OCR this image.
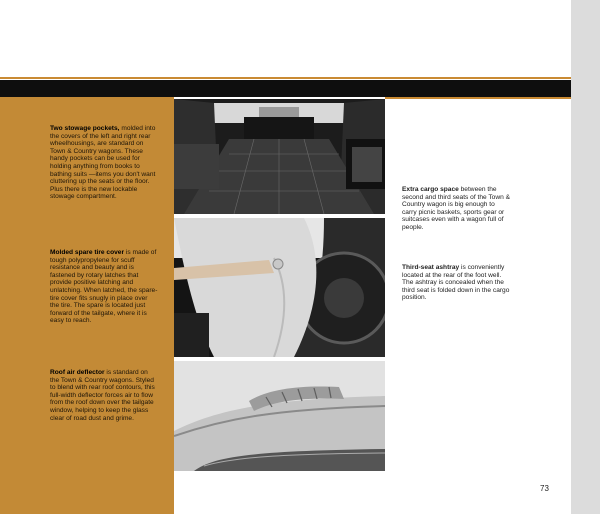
Two stowage pockets, molded into the covers of the left and right rear wheelhousings, are standard on Town & Country wagons. These handy pockets can be used for holding anything from books to bathing suits —items you don't want cluttering up the seats or the floor. Plus there is the new lockable stowage compartment.
Molded spare tire cover is made of tough polypropylene for scuff resistance and beauty and is fastened by rotary latches that provide positive latching and unlatching. When latched, the spare-tire cover fits snugly in place over the tire. The spare is located just forward of the tailgate, where it is easy to reach.
Roof air deflector is standard on the Town & Country wagons. Styled to blend with rear roof contours, this full-width deflector forces air to flow from the roof down over the tailgate window, helping to keep the glass clear of road dust and grime.
Extra cargo space between the second and third seats of the Town & Country wagon is big enough to carry picnic baskets, sports gear or suitcases even with a wagon full of people.
Third-seat ashtray is conveniently located at the rear of the foot well. The ashtray is concealed when the third seat is folded down in the cargo position.
73
